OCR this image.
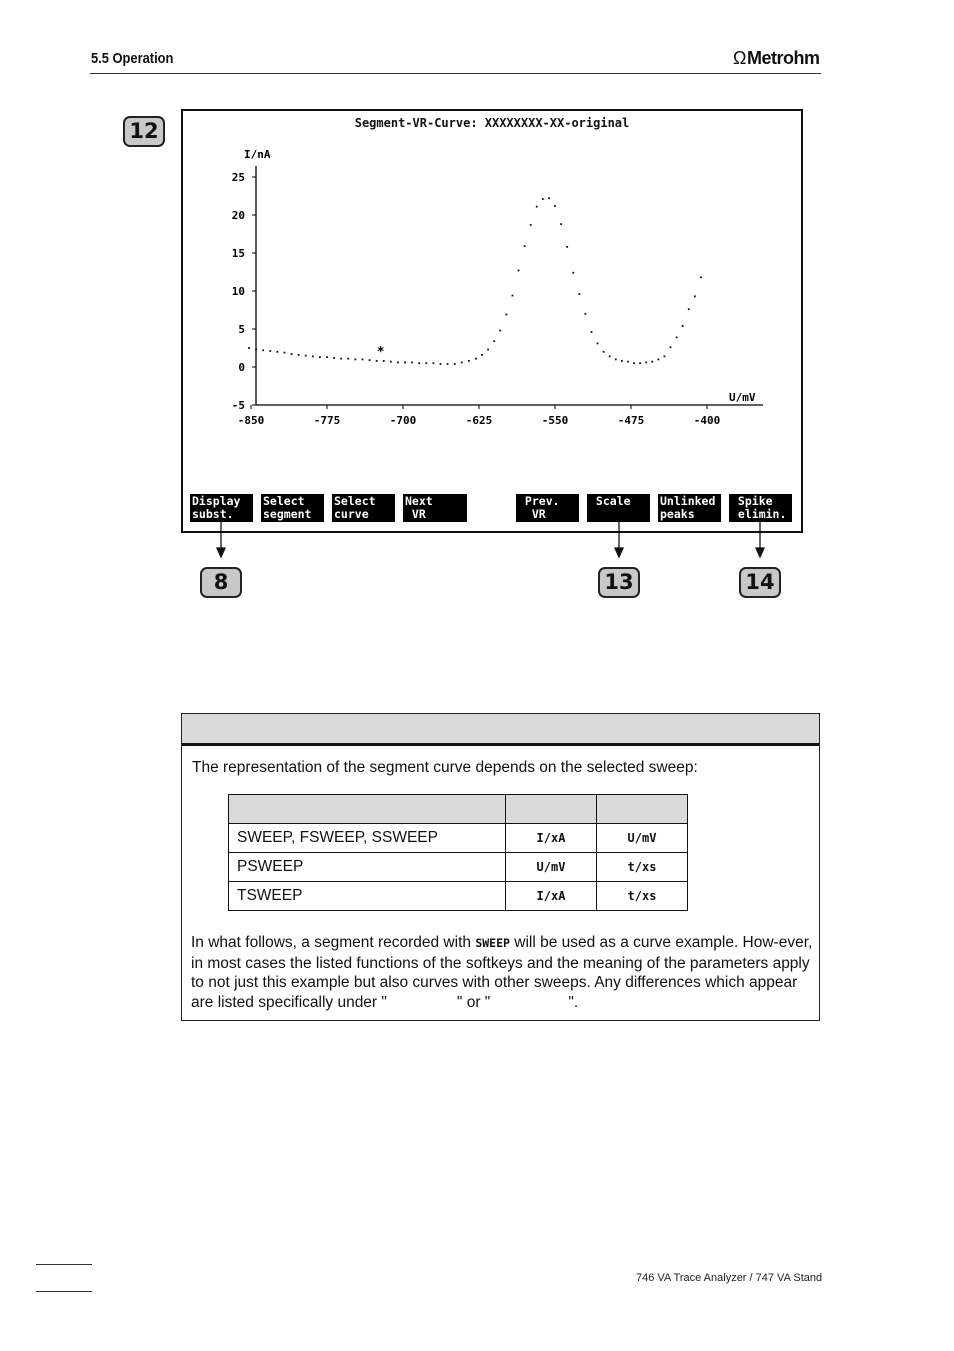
5.5 Operation	ΩMetrohm
12	Segment-VR-Curve: XXXXXXXX-XX-original
I/nA
U/mV
25
20
15
10
5
0
-5
-850	-775	-700	-625	-550	-475	-400
*
Display
subst.
Select
segment
Select
curve
Next
VR
Prev.
VR
Scale	Unlinked
peaks
Spike
elimin.
8	13	14
The representation of the segment curve depends on the selected sweep:

SWEEP, FSWEEP, SSWEEP	I/xA	U/mV
PSWEEP	U/mV	t/xs
TSWEEP	I/xA	t/xs
In what follows, a segment recorded with SWEEP will be used as a curve example. How-ever, in most cases the listed functions of the softkeys and the meaning of the parameters apply to not just this example but also curves with other sweeps. Any differences which appear are listed specifically under "	" or "	".
746 VA Trace Analyzer / 747 VA Stand
